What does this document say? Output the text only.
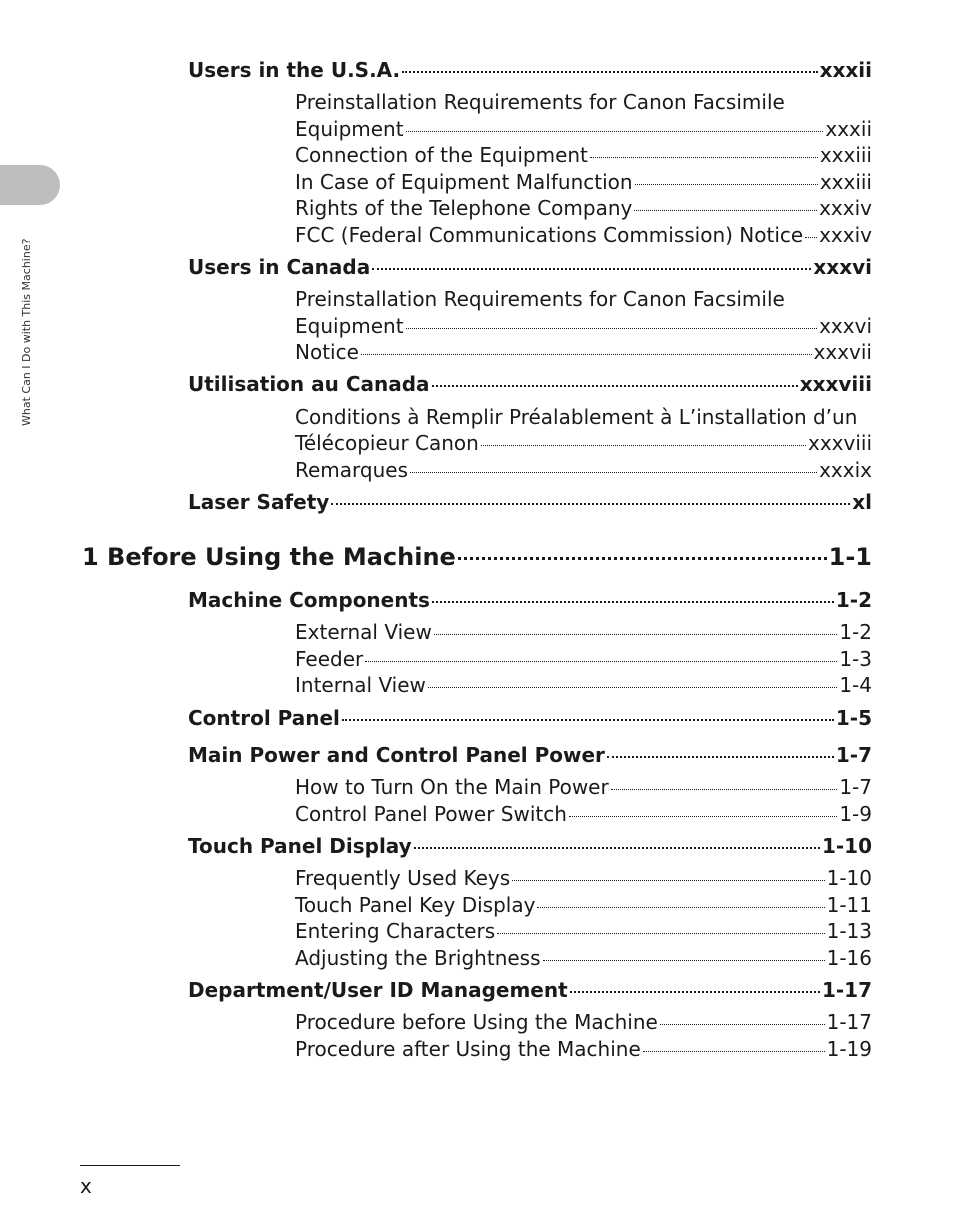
What Can I Do with This Machine?
Users in the U.S.A.	xxxii
Preinstallation Requirements for Canon Facsimile
Equipment	xxxii
Connection of the Equipment	xxxiii
In Case of Equipment Malfunction	xxxiii
Rights of the Telephone Company	xxxiv
FCC (Federal Communications Commission) Notice xxxiv
Users in Canada	xxxvi
Preinstallation Requirements for Canon Facsimile
Equipment	xxxvi
Notice	xxxvii
Utilisation au Canada	xxxviii
Conditions à Remplir Préalablement à L’installation d’un
Télécopieur Canon	xxxviii
Remarques	xxxix
Laser Safety	xl
1 Before Using the Machine	1-1
Machine Components	1-2
External View	1-2
Feeder	1-3
Internal View	1-4
Control Panel	1-5
Main Power and Control Panel Power	1-7
How to Turn On the Main Power	1-7
Control Panel Power Switch	1-9
Touch Panel Display	1-10
Frequently Used Keys	1-10
Touch Panel Key Display	1-11
Entering Characters	1-13
Adjusting the Brightness	1-16
Department/User ID Management	1-17
Procedure before Using the Machine	1-17
Procedure after Using the Machine	1-19
x
